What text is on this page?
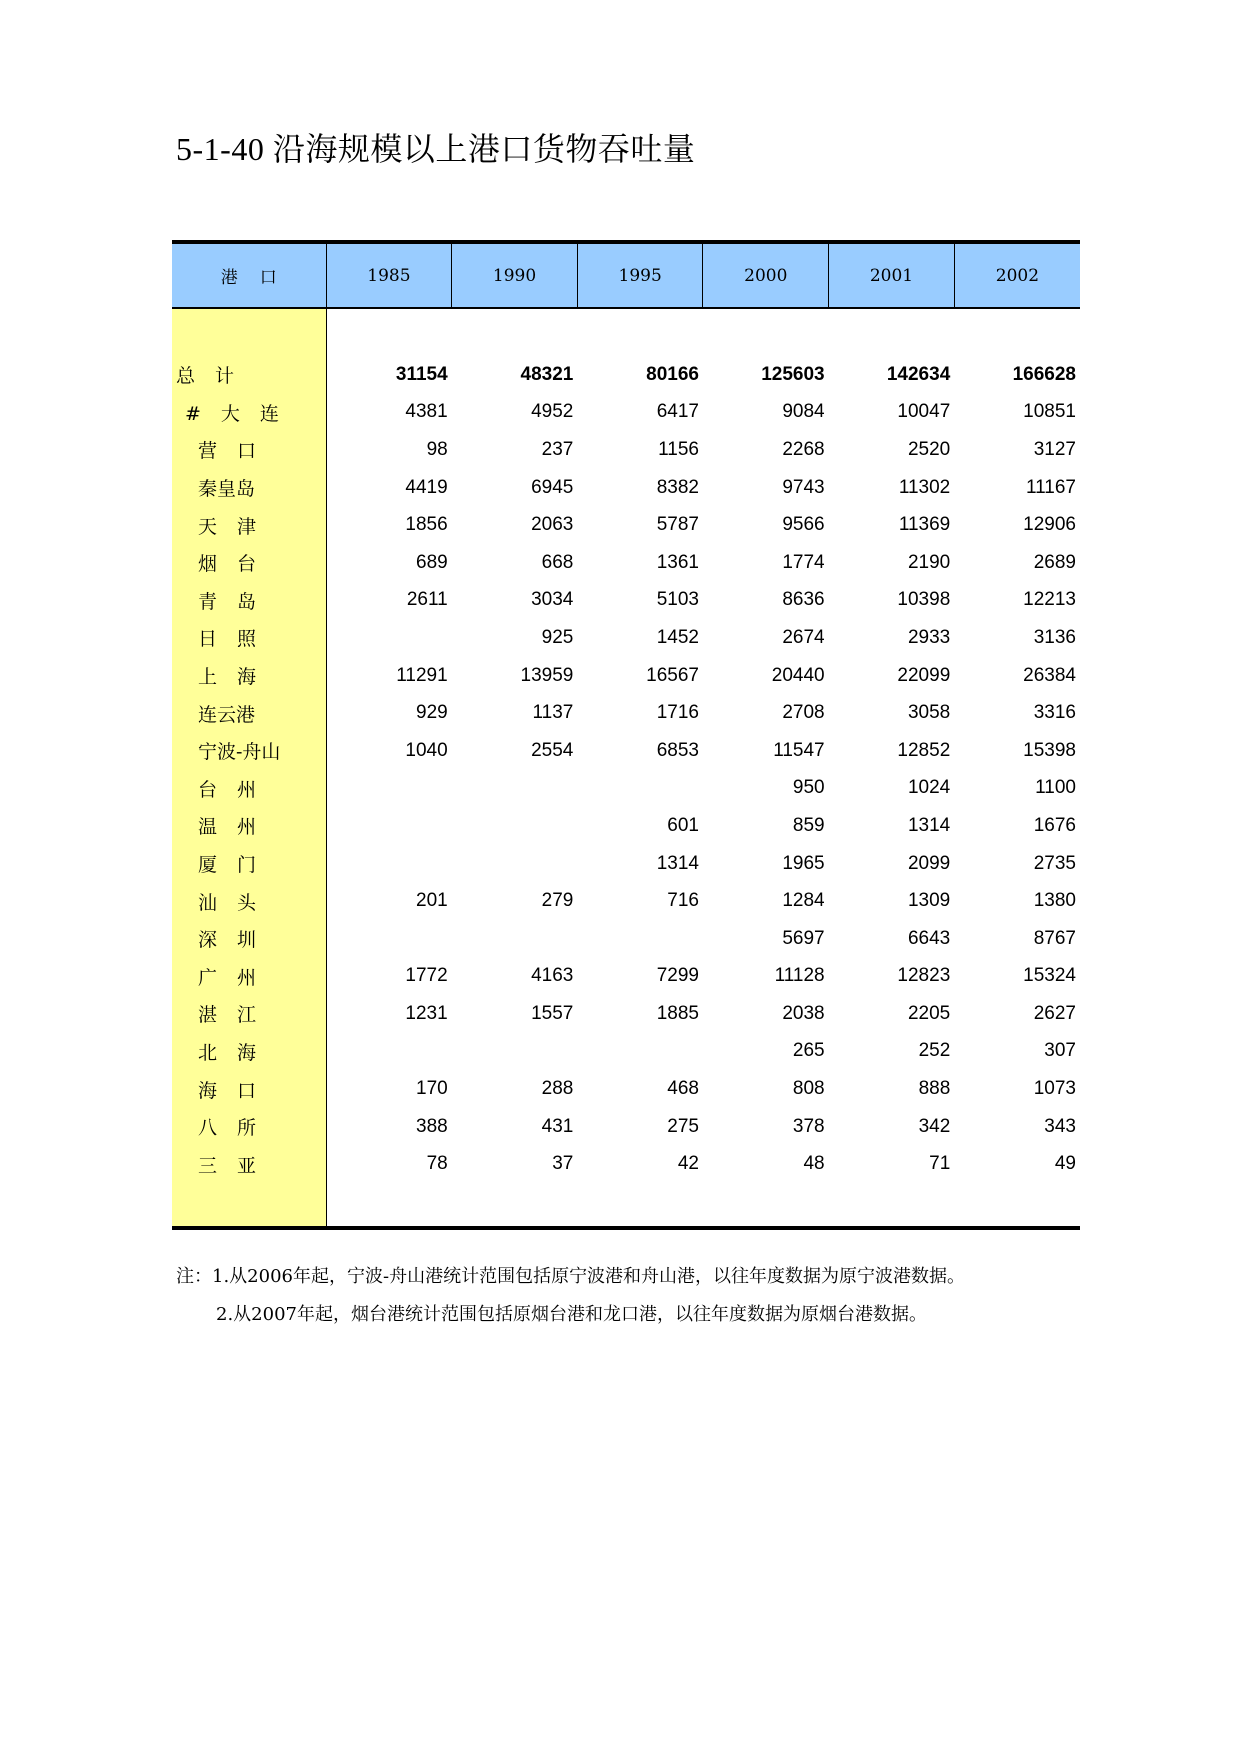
5-1-40 沿海规模以上港口货物吞吐量
港口	1985	1990	1995	2000	2001	2002

总计	31154	48321	80166	125603	142634	166628
#大连	4381	4952	6417	9084	10047	10851
营口	98	237	1156	2268	2520	3127
秦皇岛	4419	6945	8382	9743	11302	11167
天津	1856	2063	5787	9566	11369	12906
烟台	689	668	1361	1774	2190	2689
青岛	2611	3034	5103	8636	10398	12213
日照		925	1452	2674	2933	3136
上海	11291	13959	16567	20440	22099	26384
连云港	929	1137	1716	2708	3058	3316
宁波-舟山	1040	2554	6853	11547	12852	15398
台州				950	1024	1100
温州			601	859	1314	1676
厦门			1314	1965	2099	2735
汕头	201	279	716	1284	1309	1380
深圳				5697	6643	8767
广州	1772	4163	7299	11128	12823	15324
湛江	1231	1557	1885	2038	2205	2627
北海				265	252	307
海口	170	288	468	808	888	1073
八所	388	431	275	378	342	343
三亚	78	37	42	48	71	49

注：1.从2006年起，宁波-舟山港统计范围包括原宁波港和舟山港，以往年度数据为原宁波港数据。
2.从2007年起，烟台港统计范围包括原烟台港和龙口港，以往年度数据为原烟台港数据。
